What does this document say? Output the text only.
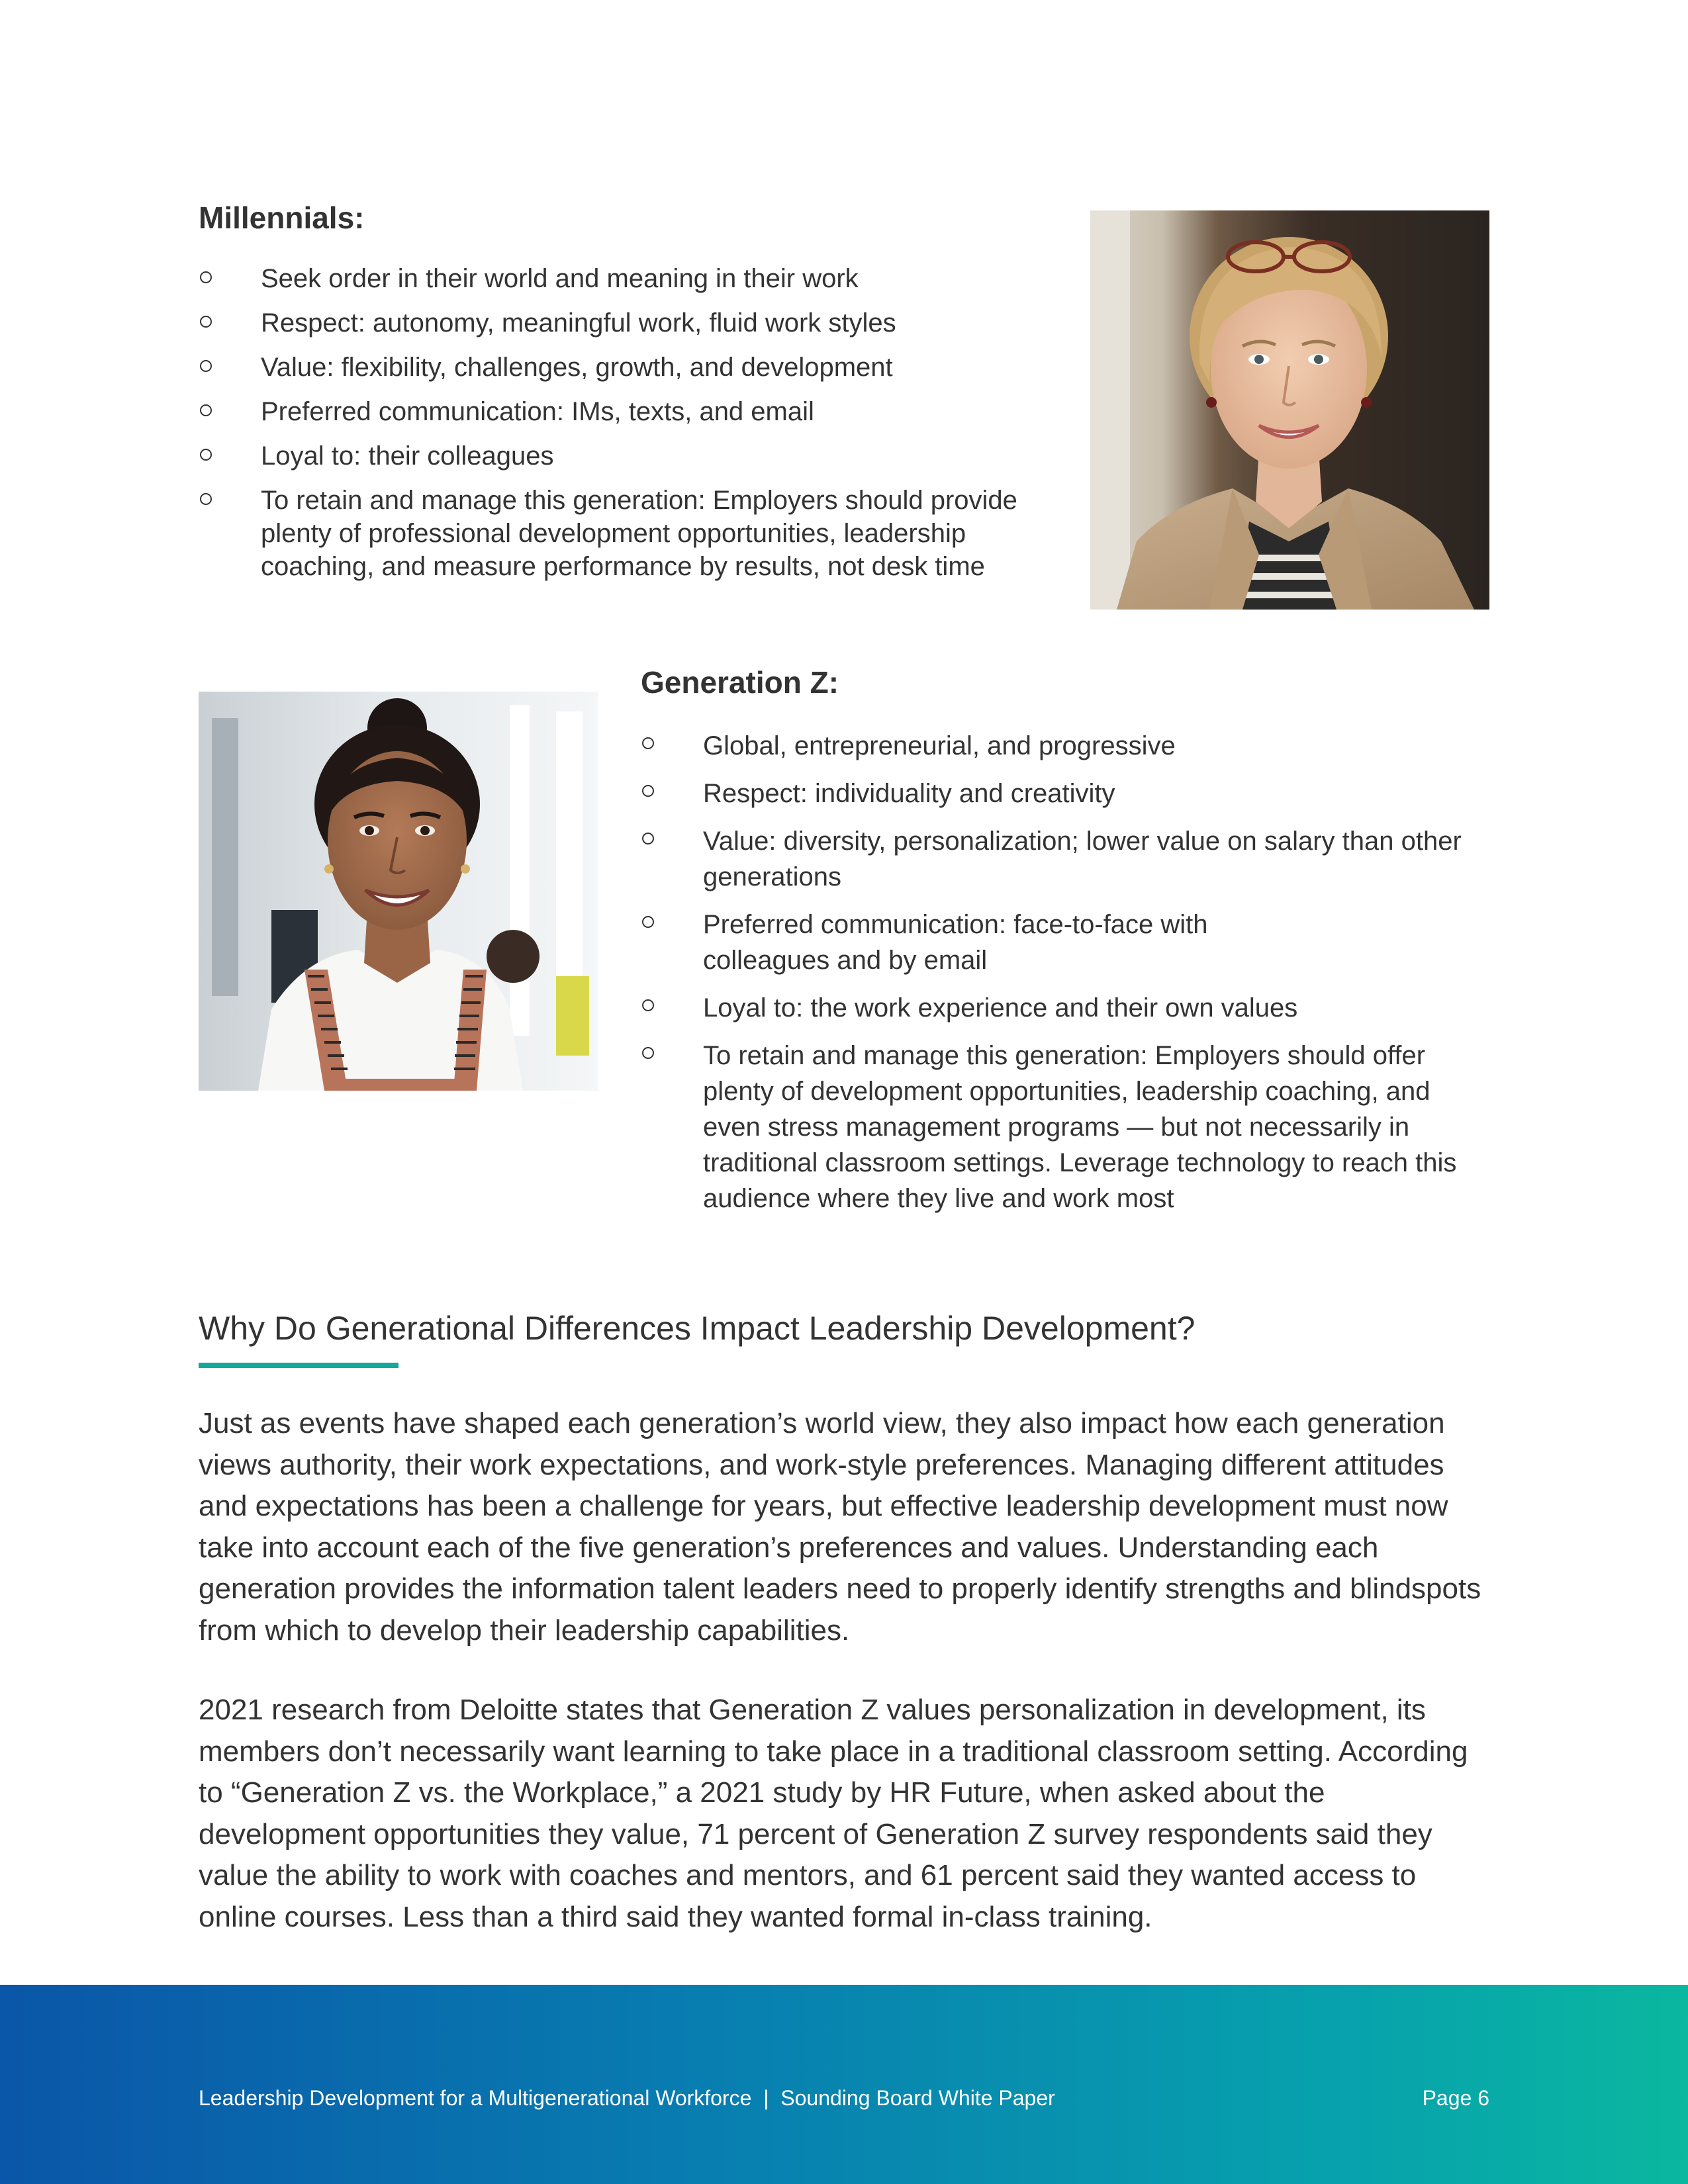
Millennials:
Seek order in their world and meaning in their work
Respect: autonomy, meaningful work, fluid work styles
Value: flexibility, challenges, growth, and development
Preferred communication: IMs, texts, and email
Loyal to: their colleagues
To retain and manage this generation: Employers should provide plenty of professional development opportunities, leadership coaching, and measure performance by results, not desk time
Generation Z:
Global, entrepreneurial, and progressive
Respect: individuality and creativity
Value: diversity, personalization; lower value on salary than other generations
Preferred communication: face-to-face with colleagues and by email
Loyal to: the work experience and their own values
To retain and manage this generation: Employers should offer plenty of development opportunities, leadership coaching, and even stress management programs — but not necessarily in traditional classroom settings. Leverage technology to reach this audience where they live and work most
Why Do Generational Differences Impact Leadership Development?

Just as events have shaped each generation’s world view, they also impact how each generation views authority, their work expectations, and work-style preferences. Managing different attitudes and expectations has been a challenge for years, but effective leadership development must now take into account each of the five generation’s preferences and values. Understanding each generation provides the information talent leaders need to properly identify strengths and blindspots from which to develop their leadership capabilities.

2021 research from Deloitte states that Generation Z values personalization in development, its members don’t necessarily want learning to take place in a traditional classroom setting. According to “Generation Z vs. the Workplace,” a 2021 study by HR Future, when asked about the development opportunities they value, 71 percent of Generation Z survey respondents said they value the ability to work with coaches and mentors, and 61 percent said they wanted access to online courses. Less than a third said they wanted formal in-class training.

Leadership Development for a Multigenerational Workforce  |  Sounding Board White Paper	Page 6
